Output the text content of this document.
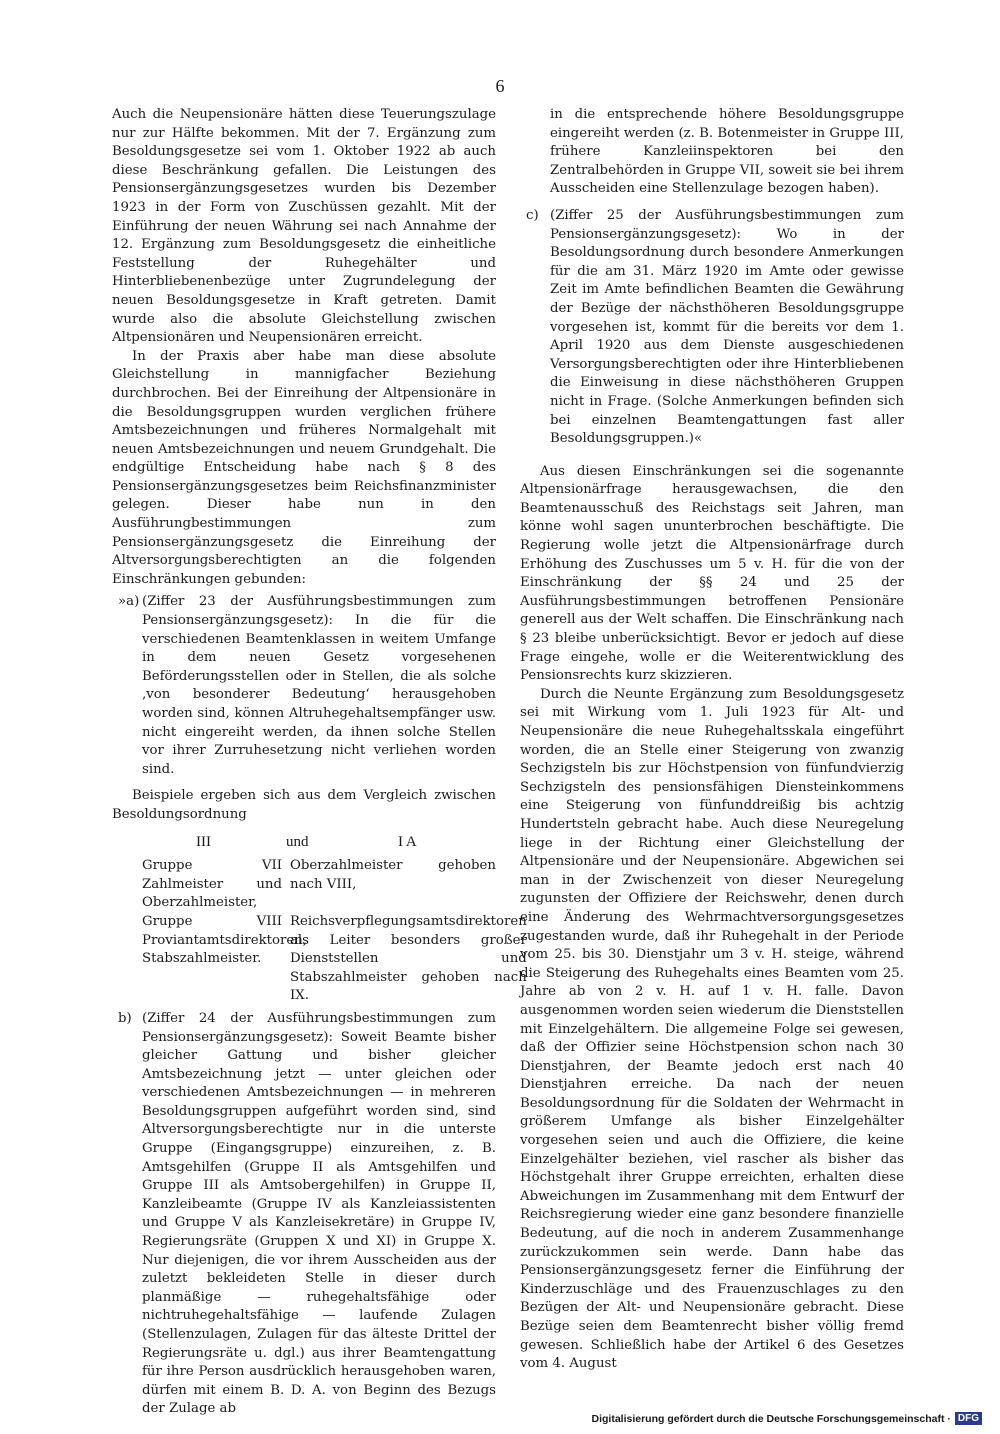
6

Auch die Neupensionäre hätten diese Teuerungszulage nur zur Hälfte bekommen. Mit der 7. Ergänzung zum Besoldungsgesetze sei vom 1. Oktober 1922 ab auch diese Beschränkung gefallen. Die Leistungen des Pensionsergänzungsgesetzes wurden bis Dezember 1923 in der Form von Zuschüssen gezahlt. Mit der Einführung der neuen Währung sei nach Annahme der 12. Ergänzung zum Besoldungsgesetz die einheitliche Feststellung der Ruhegehälter und Hinterbliebenenbezüge unter Zugrundelegung der neuen Besoldungsgesetze in Kraft getreten. Damit wurde also die absolute Gleichstellung zwischen Altpensionären und Neupensionären erreicht.

In der Praxis aber habe man diese absolute Gleichstellung in mannigfacher Beziehung durchbrochen. Bei der Einreihung der Altpensionäre in die Besoldungsgruppen wurden verglichen frühere Amtsbezeichnungen und früheres Normalgehalt mit neuen Amtsbezeichnungen und neuem Grundgehalt. Die endgültige Entscheidung habe nach § 8 des Pensionsergänzungsgesetzes beim Reichsfinanzminister gelegen. Dieser habe nun in den Ausführungbestimmungen zum Pensionsergänzungsgesetz die Einreihung der Altversorgungsberechtigten an die folgenden Einschränkungen gebunden:

»a) (Ziffer 23 der Ausführungsbestimmungen zum Pensionsergänzungsgesetz): In die für die verschiedenen Beamtenklassen in weitem Umfange in dem neuen Gesetz vorgesehenen Beförderungsstellen oder in Stellen, die als solche ‚von besonderer Bedeutung‘ herausgehoben worden sind, können Altruhegehaltsempfänger usw. nicht eingereiht werden, da ihnen solche Stellen vor ihrer Zurruhesetzung nicht verliehen worden sind.

Beispiele ergeben sich aus dem Vergleich zwischen Besoldungsordnung

III	und	I A
Gruppe VII Zahlmeister und Oberzahlmeister,
Oberzahlmeister gehoben nach VIII,
Gruppe VIII Proviantamtsdirektoren, Stabszahlmeister.
Reichsverpflegungsamtsdirektoren als Leiter besonders großer Dienststellen und Stabszahlmeister gehoben nach IX.
b) (Ziffer 24 der Ausführungsbestimmungen zum Pensionsergänzungsgesetz): Soweit Beamte bisher gleicher Gattung und bisher gleicher Amtsbezeichnung jetzt — unter gleichen oder verschiedenen Amtsbezeichnungen — in mehreren Besoldungsgruppen aufgeführt worden sind, sind Altversorgungsberechtigte nur in die unterste Gruppe (Eingangsgruppe) einzureihen, z. B. Amtsgehilfen (Gruppe II als Amtsgehilfen und Gruppe III als Amtsobergehilfen) in Gruppe II, Kanzleibeamte (Gruppe IV als Kanzleiassistenten und Gruppe V als Kanzleisekretäre) in Gruppe IV, Regierungsräte (Gruppen X und XI) in Gruppe X. Nur diejenigen, die vor ihrem Ausscheiden aus der zuletzt bekleideten Stelle in dieser durch planmäßige — ruhegehaltsfähige oder nichtruhegehaltsfähige — laufende Zulagen (Stellenzulagen, Zulagen für das älteste Drittel der Regierungsräte u. dgl.) aus ihrer Beamtengattung für ihre Person ausdrücklich herausgehoben waren, dürfen mit einem B. D. A. von Beginn des Bezugs der Zulage ab

in die entsprechende höhere Besoldungsgruppe eingereiht werden (z. B. Botenmeister in Gruppe III, frühere Kanzleiinspektoren bei den Zentralbehörden in Gruppe VII, soweit sie bei ihrem Ausscheiden eine Stellenzulage bezogen haben).

c) (Ziffer 25 der Ausführungsbestimmungen zum Pensionsergänzungsgesetz): Wo in der Besoldungsordnung durch besondere Anmerkungen für die am 31. März 1920 im Amte oder gewisse Zeit im Amte befindlichen Beamten die Gewährung der Bezüge der nächsthöheren Besoldungsgruppe vorgesehen ist, kommt für die bereits vor dem 1. April 1920 aus dem Dienste ausgeschiedenen Versorgungsberechtigten oder ihre Hinterbliebenen die Einweisung in diese nächsthöheren Gruppen nicht in Frage. (Solche Anmerkungen befinden sich bei einzelnen Beamtengattungen fast aller Besoldungsgruppen.)«

Aus diesen Einschränkungen sei die sogenannte Altpensionärfrage herausgewachsen, die den Beamtenausschuß des Reichstags seit Jahren, man könne wohl sagen ununterbrochen beschäftigte. Die Regierung wolle jetzt die Altpensionärfrage durch Erhöhung des Zuschusses um 5 v. H. für die von der Einschränkung der §§ 24 und 25 der Ausführungsbestimmungen betroffenen Pensionäre generell aus der Welt schaffen. Die Einschränkung nach § 23 bleibe unberücksichtigt. Bevor er jedoch auf diese Frage eingehe, wolle er die Weiterentwicklung des Pensionsrechts kurz skizzieren.

Durch die Neunte Ergänzung zum Besoldungsgesetz sei mit Wirkung vom 1. Juli 1923 für Alt- und Neupensionäre die neue Ruhegehaltsskala eingeführt worden, die an Stelle einer Steigerung von zwanzig Sechzigsteln bis zur Höchstpension von fünfundvierzig Sechzigsteln des pensionsfähigen Diensteinkommens eine Steigerung von fünfunddreißig bis achtzig Hundertsteln gebracht habe. Auch diese Neuregelung liege in der Richtung einer Gleichstellung der Altpensionäre und der Neupensionäre. Abgewichen sei man in der Zwischenzeit von dieser Neuregelung zugunsten der Offiziere der Reichswehr, denen durch eine Änderung des Wehrmachtversorgungsgesetzes zugestanden wurde, daß ihr Ruhegehalt in der Periode vom 25. bis 30. Dienstjahr um 3 v. H. steige, während die Steigerung des Ruhegehalts eines Beamten vom 25. Jahre ab von 2 v. H. auf 1 v. H. falle. Davon ausgenommen worden seien wiederum die Dienststellen mit Einzelgehältern. Die allgemeine Folge sei gewesen, daß der Offizier seine Höchstpension schon nach 30 Dienstjahren, der Beamte jedoch erst nach 40 Dienstjahren erreiche. Da nach der neuen Besoldungsordnung für die Soldaten der Wehrmacht in größerem Umfange als bisher Einzelgehälter vorgesehen seien und auch die Offiziere, die keine Einzelgehälter beziehen, viel rascher als bisher das Höchstgehalt ihrer Gruppe erreichten, erhalten diese Abweichungen im Zusammenhang mit dem Entwurf der Reichsregierung wieder eine ganz besondere finanzielle Bedeutung, auf die noch in anderem Zusammenhange zurückzukommen sein werde. Dann habe das Pensionsergänzungsgesetz ferner die Einführung der Kinderzuschläge und des Frauenzuschlages zu den Bezügen der Alt- und Neupensionäre gebracht. Diese Bezüge seien dem Beamtenrecht bisher völlig fremd gewesen. Schließlich habe der Artikel 6 des Gesetzes vom 4. August

Digitalisierung gefördert durch die Deutsche Forschungsgemeinschaft · DFG
